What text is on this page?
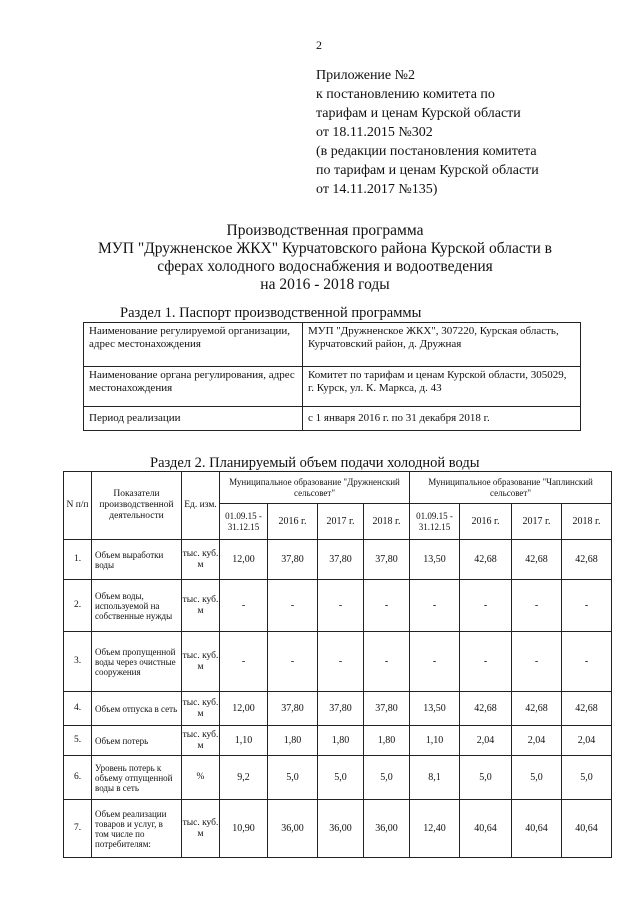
2
Приложение №2
к постановлению комитета по
тарифам и ценам Курской области
от 18.11.2015 №302
(в редакции постановления комитета
по тарифам и ценам Курской области
от 14.11.2017 №135)
Производственная программа
МУП "Дружненское ЖКХ" Курчатовского района Курской области в
сферах холодного водоснабжения и водоотведения
на 2016 - 2018 годы
Раздел 1. Паспорт производственной программы
Наименование регулируемой организации, адрес местонахождения	МУП "Дружненское ЖКХ", 307220, Курская область, Курчатовский район, д. Дружная
Наименование органа регулирования, адрес местонахождения	Комитет по тарифам и ценам Курской области, 305029, г. Курск, ул. К. Маркса, д. 43
Период реализации	с 1 января 2016 г. по 31 декабря 2018 г.
Раздел 2. Планируемый объем подачи холодной воды
N п/п	Показатели производственной деятельности	Ед. изм.	Муниципальное образование "Дружненский сельсовет"				Муниципальное образование "Чаплинский сельсовет"			
			01.09.15 - 31.12.15	2016 г.	2017 г.	2018 г.	01.09.15 - 31.12.15	2016 г.	2017 г.	2018 г.
1.	Объем выработки воды	тыс. куб. м	12,00	37,80	37,80	37,80	13,50	42,68	42,68	42,68
2.	Объем воды, используемой на собственные нужды	тыс. куб. м	-	-	-	-	-	-	-	-
3.	Объем пропущенной воды через очистные сооружения	тыс. куб. м	-	-	-	-	-	-	-	-
4.	Объем отпуска в сеть	тыс. куб. м	12,00	37,80	37,80	37,80	13,50	42,68	42,68	42,68
5.	Объем потерь	тыс. куб. м	1,10	1,80	1,80	1,80	1,10	2,04	2,04	2,04
6.	Уровень потерь к объему отпущенной воды в сеть	%	9,2	5,0	5,0	5,0	8,1	5,0	5,0	5,0
7.	Объем реализации товаров и услуг, в том числе по потребителям:	тыс. куб. м	10,90	36,00	36,00	36,00	12,40	40,64	40,64	40,64
